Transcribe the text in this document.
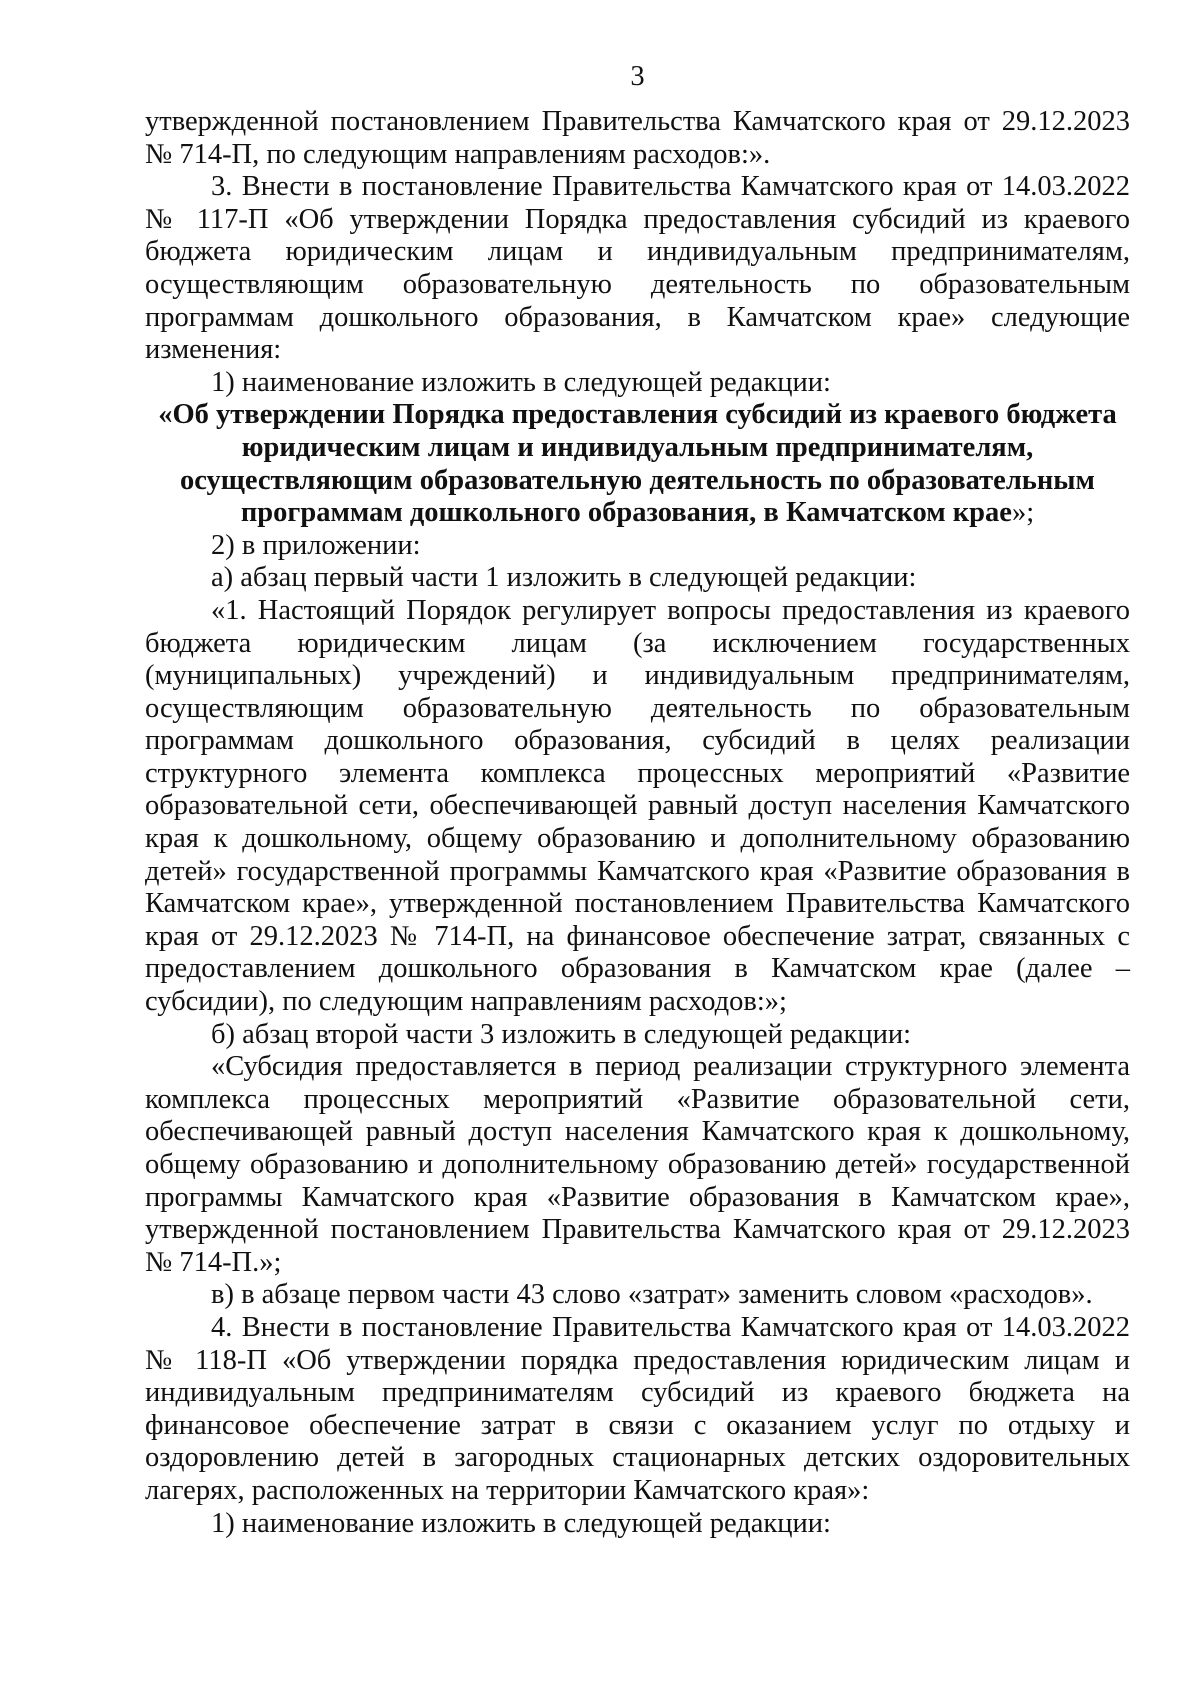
3

утвержденной постановлением Правительства Камчатского края от 29.12.2023 № 714-П, по следующим направлениям расходов:».

3. Внести в постановление Правительства Камчатского края от 14.03.2022 № 117-П «Об утверждении Порядка предоставления субсидий из краевого бюджета юридическим лицам и индивидуальным предпринимателям, осуществляющим образовательную деятельность по образовательным программам дошкольного образования, в Камчатском крае» следующие изменения:

1) наименование изложить в следующей редакции:

«Об утверждении Порядка предоставления субсидий из краевого бюджета юридическим лицам и индивидуальным предпринимателям, осуществляющим образовательную деятельность по образовательным программам дошкольного образования, в Камчатском крае»;

2) в приложении:

а) абзац первый части 1 изложить в следующей редакции:

«1. Настоящий Порядок регулирует вопросы предоставления из краевого бюджета юридическим лицам (за исключением государственных (муниципальных) учреждений) и индивидуальным предпринимателям, осуществляющим образовательную деятельность по образовательным программам дошкольного образования, субсидий в целях реализации структурного элемента комплекса процессных мероприятий «Развитие образовательной сети, обеспечивающей равный доступ населения Камчатского края к дошкольному, общему образованию и дополнительному образованию детей» государственной программы Камчатского края «Развитие образования в Камчатском крае», утвержденной постановлением Правительства Камчатского края от 29.12.2023 № 714-П, на финансовое обеспечение затрат, связанных с предоставлением дошкольного образования в Камчатском крае (далее – субсидии), по следующим направлениям расходов:»;

б) абзац второй части 3 изложить в следующей редакции:

«Субсидия предоставляется в период реализации структурного элемента комплекса процессных мероприятий «Развитие образовательной сети, обеспечивающей равный доступ населения Камчатского края к дошкольному, общему образованию и дополнительному образованию детей» государственной программы Камчатского края «Развитие образования в Камчатском крае», утвержденной постановлением Правительства Камчатского края от 29.12.2023 № 714-П.»;

в) в абзаце первом части 43 слово «затрат» заменить словом «расходов».

4. Внести в постановление Правительства Камчатского края от 14.03.2022 № 118-П «Об утверждении порядка предоставления юридическим лицам и индивидуальным предпринимателям субсидий из краевого бюджета на финансовое обеспечение затрат в связи с оказанием услуг по отдыху и оздоровлению детей в загородных стационарных детских оздоровительных лагерях, расположенных на территории Камчатского края»:

1) наименование изложить в следующей редакции:
